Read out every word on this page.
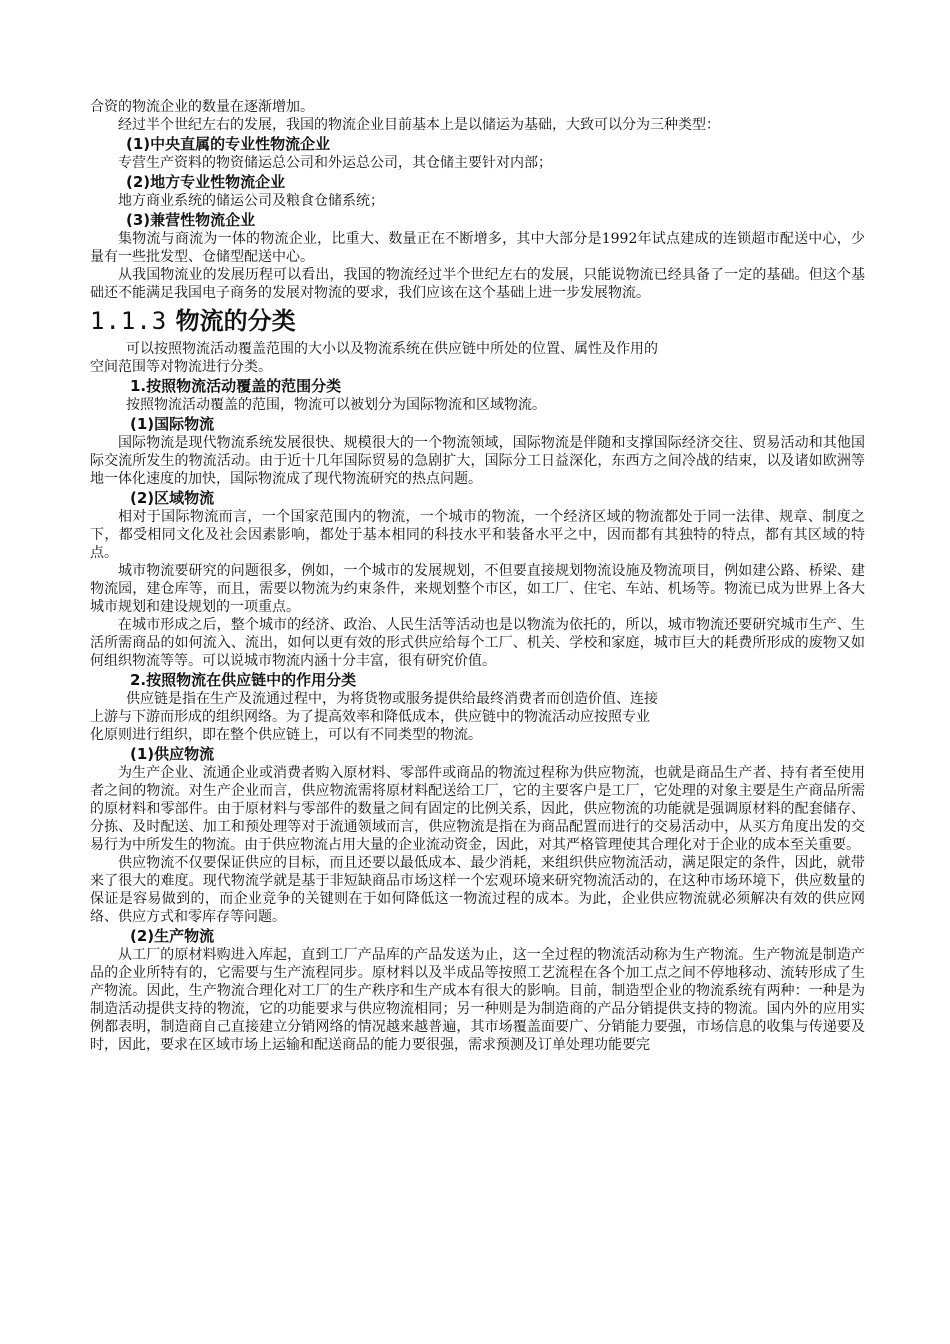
合资的物流企业的数量在逐渐增加。

经过半个世纪左右的发展，我国的物流企业目前基本上是以储运为基础，大致可以分为三种类型：

(1)中央直属的专业性物流企业

专营生产资料的物资储运总公司和外运总公司，其仓储主要针对内部；

(2)地方专业性物流企业

地方商业系统的储运公司及粮食仓储系统；

(3)兼营性物流企业

集物流与商流为一体的物流企业，比重大、数量正在不断增多，其中大部分是1992年试点建成的连锁超市配送中心，少量有一些批发型、仓储型配送中心。

从我国物流业的发展历程可以看出，我国的物流经过半个世纪左右的发展，只能说物流已经具备了一定的基础。但这个基础还不能满足我国电子商务的发展对物流的要求，我们应该在这个基础上进一步发展物流。

1.1.3 物流的分类

可以按照物流活动覆盖范围的大小以及物流系统在供应链中所处的位置、属性及作用的

空间范围等对物流进行分类。

1.按照物流活动覆盖的范围分类

按照物流活动覆盖的范围，物流可以被划分为国际物流和区域物流。

(1)国际物流

国际物流是现代物流系统发展很快、规模很大的一个物流领域，国际物流是伴随和支撑国际经济交往、贸易活动和其他国际交流所发生的物流活动。由于近十几年国际贸易的急剧扩大，国际分工日益深化，东西方之间冷战的结束，以及诸如欧洲等地一体化速度的加快，国际物流成了现代物流研究的热点问题。

(2)区域物流

相对于国际物流而言，一个国家范围内的物流，一个城市的物流，一个经济区域的物流都处于同一法律、规章、制度之下，都受相同文化及社会因素影响，都处于基本相同的科技水平和装备水平之中，因而都有其独特的特点，都有其区域的特点。

城市物流要研究的问题很多，例如，一个城市的发展规划，不但要直接规划物流设施及物流项目，例如建公路、桥梁、建物流园，建仓库等，而且，需要以物流为约束条件，来规划整个市区，如工厂、住宅、车站、机场等。物流已成为世界上各大城市规划和建设规划的一项重点。

在城市形成之后，整个城市的经济、政治、人民生活等活动也是以物流为依托的，所以，城市物流还要研究城市生产、生活所需商品的如何流入、流出，如何以更有效的形式供应给每个工厂、机关、学校和家庭，城市巨大的耗费所形成的废物又如何组织物流等等。可以说城市物流内涵十分丰富，很有研究价值。

2.按照物流在供应链中的作用分类

供应链是指在生产及流通过程中，为将货物或服务提供给最终消费者而创造价值、连接

上游与下游而形成的组织网络。为了提高效率和降低成本，供应链中的物流活动应按照专业

化原则进行组织，即在整个供应链上，可以有不同类型的物流。

(1)供应物流

为生产企业、流通企业或消费者购入原材料、零部件或商品的物流过程称为供应物流，也就是商品生产者、持有者至使用者之间的物流。对生产企业而言，供应物流需将原材料配送给工厂，它的主要客户是工厂，它处理的对象主要是生产商品所需的原材料和零部件。由于原材料与零部件的数量之间有固定的比例关系，因此，供应物流的功能就是强调原材料的配套储存、分拣、及时配送、加工和预处理等对于流通领域而言，供应物流是指在为商品配置而进行的交易活动中，从买方角度出发的交易行为中所发生的物流。由于供应物流占用大量的企业流动资金，因此，对其严格管理使其合理化对于企业的成本至关重要。

供应物流不仅要保证供应的目标，而且还要以最低成本、最少消耗，来组织供应物流活动，满足限定的条件，因此，就带来了很大的难度。现代物流学就是基于非短缺商品市场这样一个宏观环境来研究物流活动的，在这种市场环境下，供应数量的保证是容易做到的，而企业竞争的关键则在于如何降低这一物流过程的成本。为此，企业供应物流就必须解决有效的供应网络、供应方式和零库存等问题。

(2)生产物流

从工厂的原材料购进入库起，直到工厂产品库的产品发送为止，这一全过程的物流活动称为生产物流。生产物流是制造产品的企业所特有的，它需要与生产流程同步。原材料以及半成品等按照工艺流程在各个加工点之间不停地移动、流转形成了生产物流。因此，生产物流合理化对工厂的生产秩序和生产成本有很大的影响。目前，制造型企业的物流系统有两种：一种是为制造活动提供支持的物流，它的功能要求与供应物流相同；另一种则是为制造商的产品分销提供支持的物流。国内外的应用实例都表明，制造商自己直接建立分销网络的情况越来越普遍，其市场覆盖面要广、分销能力要强，市场信息的收集与传递要及时，因此，要求在区域市场上运输和配送商品的能力要很强，需求预测及订单处理功能要完
